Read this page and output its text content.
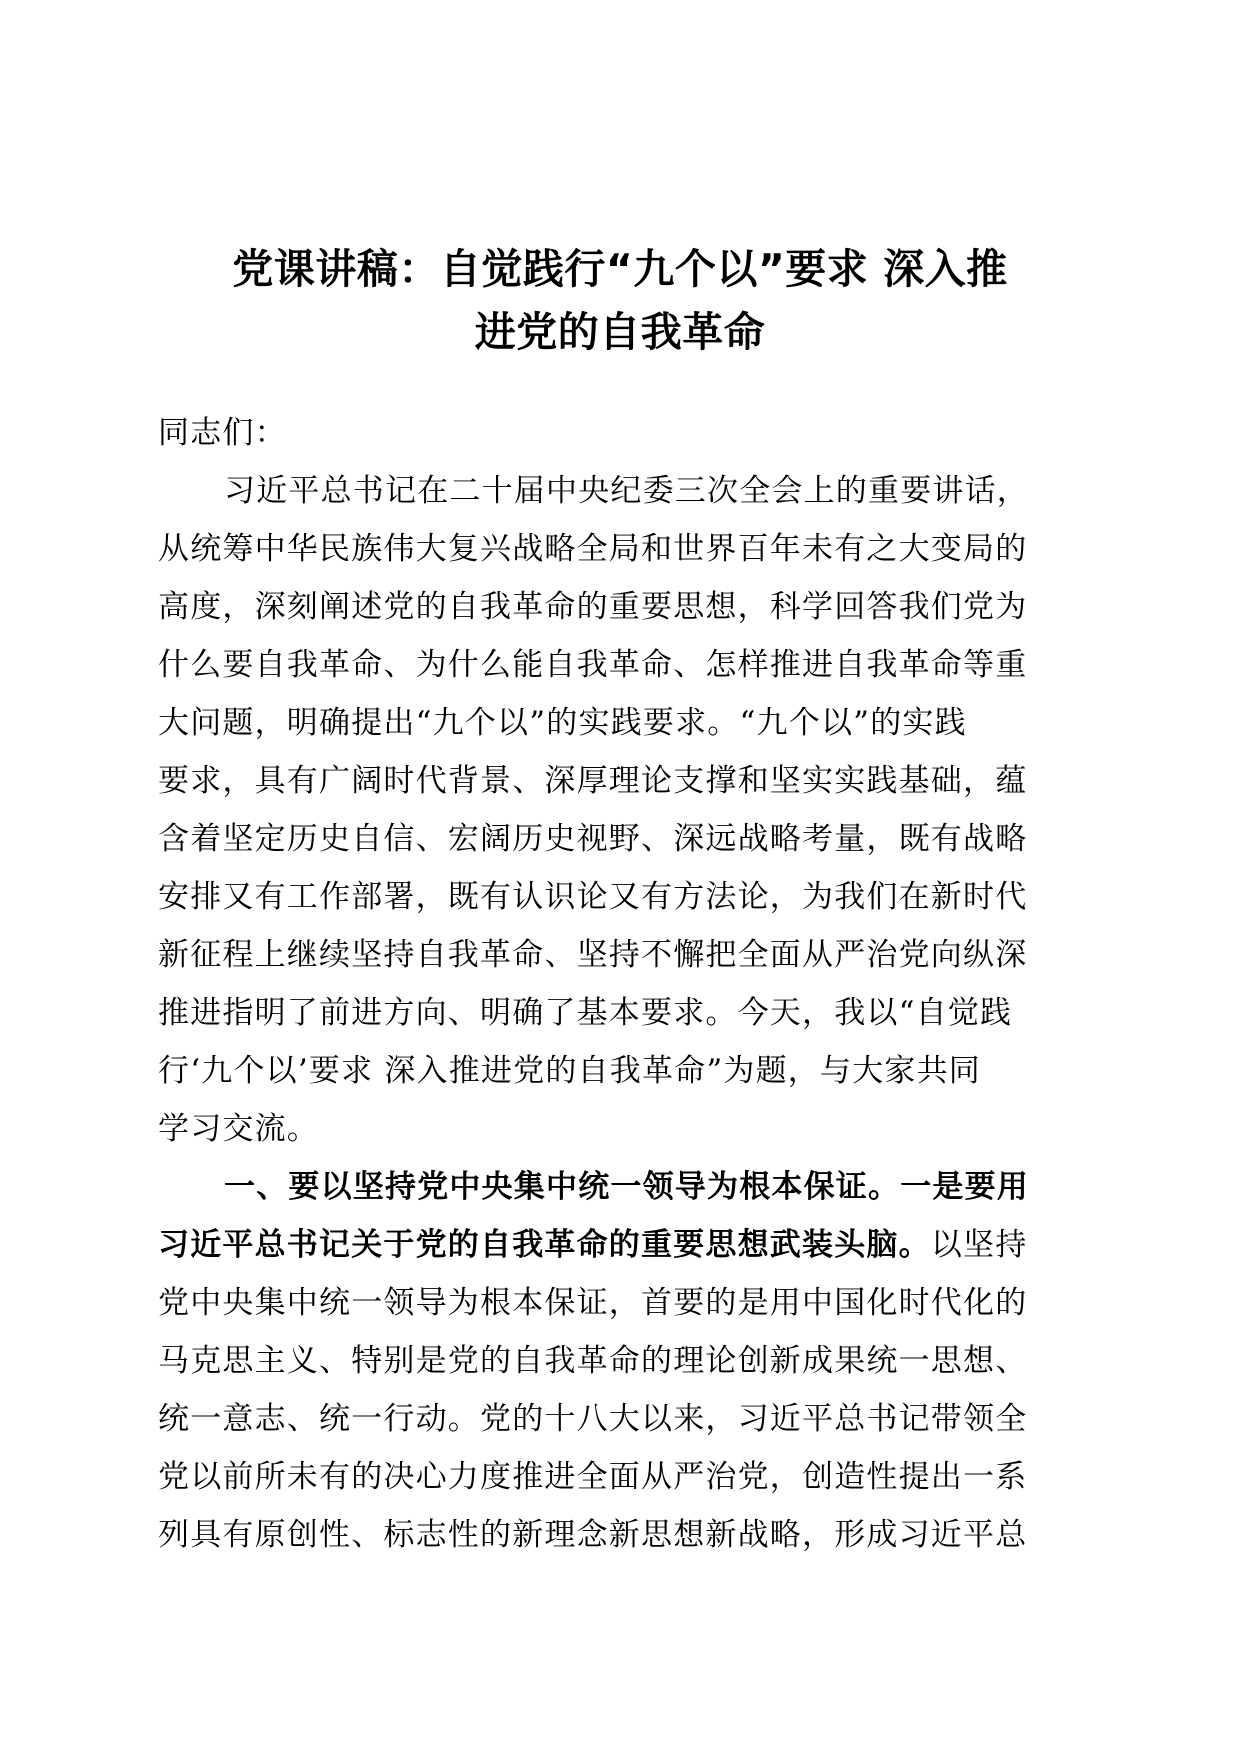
党课讲稿：自觉践行“九个以”要求 深入推
进党的自我革命

同志们：

习近平总书记在二十届中央纪委三次全会上的重要讲话，
从统筹中华民族伟大复兴战略全局和世界百年未有之大变局的
高度，深刻阐述党的自我革命的重要思想，科学回答我们党为
什么要自我革命、为什么能自我革命、怎样推进自我革命等重
大问题，明确提出“九个以”的实践要求。“九个以”的实践
要求，具有广阔时代背景、深厚理论支撑和坚实实践基础，蕴
含着坚定历史自信、宏阔历史视野、深远战略考量，既有战略
安排又有工作部署，既有认识论又有方法论，为我们在新时代
新征程上继续坚持自我革命、坚持不懈把全面从严治党向纵深
推进指明了前进方向、明确了基本要求。今天，我以“自觉践
行‘九个以’要求 深入推进党的自我革命”为题，与大家共同
学习交流。
一、要以坚持党中央集中统一领导为根本保证。一是要用
习近平总书记关于党的自我革命的重要思想武装头脑。以坚持
党中央集中统一领导为根本保证，首要的是用中国化时代化的
马克思主义、特别是党的自我革命的理论创新成果统一思想、
统一意志、统一行动。党的十八大以来，习近平总书记带领全
党以前所未有的决心力度推进全面从严治党，创造性提出一系
列具有原创性、标志性的新理念新思想新战略，形成习近平总
